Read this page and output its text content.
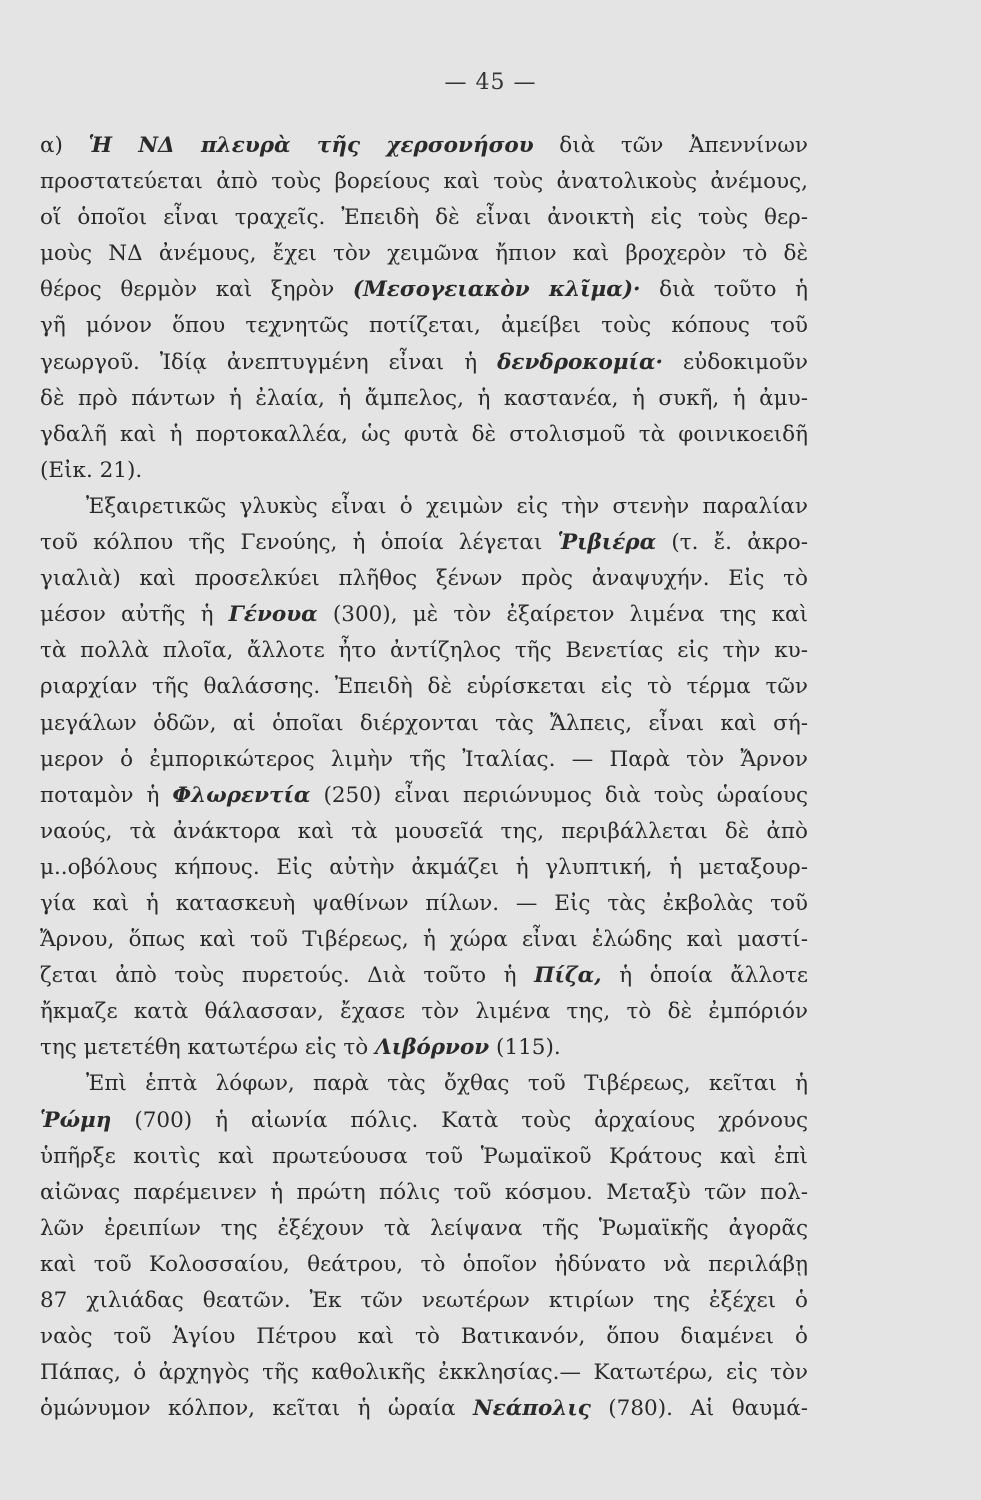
— 45 —
α) Ἡ ΝΔ πλευρὰ τῆς χερσονήσου διὰ τῶν Ἀπεννίνων
προστατεύεται ἀπὸ τοὺς βορείους καὶ τοὺς ἀνατολικοὺς ἀνέμους,
οἵ ὁποῖοι εἶναι τραχεῖς. Ἐπειδὴ δὲ εἶναι ἀνοικτὴ εἰς τοὺς θερ-
μοὺς ΝΔ ἀνέμους, ἔχει τὸν χειμῶνα ἤπιον καὶ βροχερὸν τὸ δὲ
θέρος θερμὸν καὶ ξηρὸν (Μεσογειακὸν κλῖμα)· διὰ τοῦτο ἡ
γῆ μόνον ὅπου τεχνητῶς ποτίζεται, ἀμείβει τοὺς κόπους τοῦ
γεωργοῦ. Ἰδίᾳ ἀνεπτυγμένη εἶναι ἡ δενδροκομία· εὐδοκιμοῦν
δὲ πρὸ πάντων ἡ ἐλαία, ἡ ἄμπελος, ἡ καστανέα, ἡ συκῆ, ἡ ἀμυ-
γδαλῆ καὶ ἡ πορτοκαλλέα, ὡς φυτὰ δὲ στολισμοῦ τὰ φοινικοειδῆ
(Εἰκ. 21).
Ἐξαιρετικῶς γλυκὺς εἶναι ὁ χειμὼν εἰς τὴν στενὴν παραλίαν
τοῦ κόλπου τῆς Γενούης, ἡ ὁποία λέγεται Ῥιβιέρα (τ. ἔ. ἀκρο-
γιαλιὰ) καὶ προσελκύει πλῆθος ξένων πρὸς ἀναψυχήν. Εἰς τὸ
μέσον αὐτῆς ἡ Γένουα (300), μὲ τὸν ἐξαίρετον λιμένα της καὶ
τὰ πολλὰ πλοῖα, ἄλλοτε ἦτο ἀντίζηλος τῆς Βενετίας εἰς τὴν κυ-
ριαρχίαν τῆς θαλάσσης. Ἐπειδὴ δὲ εὑρίσκεται εἰς τὸ τέρμα τῶν
μεγάλων ὁδῶν, αἱ ὁποῖαι διέρχονται τὰς Ἄλπεις, εἶναι καὶ σή-
μερον ὁ ἐμπορικώτερος λιμὴν τῆς Ἰταλίας. — Παρὰ τὸν Ἄρνον
ποταμὸν ἡ Φλωρεντία (250) εἶναι περιώνυμος διὰ τοὺς ὡραίους
ναούς, τὰ ἀνάκτορα καὶ τὰ μουσεῖά της, περιβάλλεται δὲ ἀπὸ
μ..οβόλους κήπους. Εἰς αὐτὴν ἀκμάζει ἡ γλυπτική, ἡ μεταξουρ-
γία καὶ ἡ κατασκευὴ ψαθίνων πίλων. — Εἰς τὰς ἐκβολὰς τοῦ
Ἄρνου, ὅπως καὶ τοῦ Τιβέρεως, ἡ χώρα εἶναι ἑλώδης καὶ μαστί-
ζεται ἀπὸ τοὺς πυρετούς. Διὰ τοῦτο ἡ Πίζα, ἡ ὁποία ἄλλοτε
ἤκμαζε κατὰ θάλασσαν, ἔχασε τὸν λιμένα της, τὸ δὲ ἐμπόριόν
της μετετέθη κατωτέρω εἰς τὸ Λιβόρνον (115).
Ἐπὶ ἑπτὰ λόφων, παρὰ τὰς ὄχθας τοῦ Τιβέρεως, κεῖται ἡ
Ῥώμη (700) ἡ αἰωνία πόλις. Κατὰ τοὺς ἀρχαίους χρόνους
ὑπῆρξε κοιτὶς καὶ πρωτεύουσα τοῦ Ῥωμαϊκοῦ Κράτους καὶ ἐπὶ
αἰῶνας παρέμεινεν ἡ πρώτη πόλις τοῦ κόσμου. Μεταξὺ τῶν πολ-
λῶν ἐρειπίων της ἐξέχουν τὰ λείψανα τῆς Ῥωμαϊκῆς ἀγορᾶς
καὶ τοῦ Κολοσσαίου, θεάτρου, τὸ ὁποῖον ἠδύνατο νὰ περιλάβῃ
87 χιλιάδας θεατῶν. Ἐκ τῶν νεωτέρων κτιρίων της ἐξέχει ὁ
ναὸς τοῦ Ἁγίου Πέτρου καὶ τὸ Βατικανόν, ὅπου διαμένει ὁ
Πάπας, ὁ ἀρχηγὸς τῆς καθολικῆς ἐκκλησίας.— Κατωτέρω, εἰς τὸν
ὁμώνυμον κόλπον, κεῖται ἡ ὡραία Νεάπολις (780). Αἱ θαυμά-
